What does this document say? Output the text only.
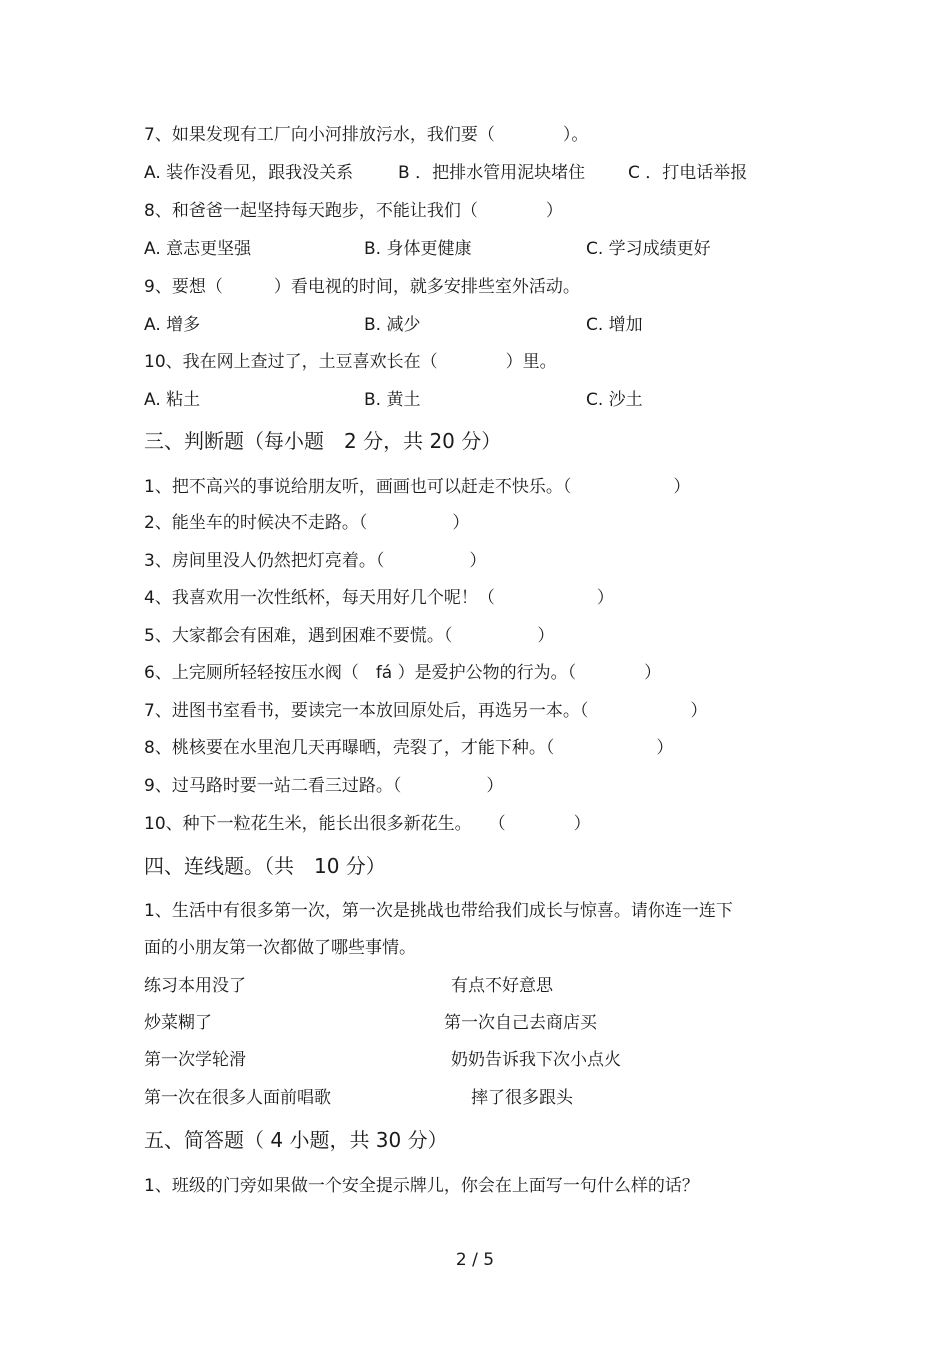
7、如果发现有工厂向小河排放污水，我们要（　　　　）。
A. 装作没看见，跟我没关系	B ．把排水管用泥块堵住	C ．打电话举报
8、和爸爸一起坚持每天跑步，不能让我们（　　　　）
A. 意志更坚强	B. 身体更健康	C. 学习成绩更好
9、要想（　　　）看电视的时间，就多安排些室外活动。
A. 增多	B. 减少	C. 增加
10、我在网上查过了，土豆喜欢长在（　　　　）里。
A. 粘土	B. 黄土	C. 沙土
三、判断题（每小题　2 分，共 20 分）
1、把不高兴的事说给朋友听，画画也可以赶走不快乐。（　　　　　　）
2、能坐车的时候决不走路。（　　　　　）
3、房间里没人仍然把灯亮着。（　　　　　）
4、我喜欢用一次性纸杯，每天用好几个呢！（　　　　　　）
5、大家都会有困难，遇到困难不要慌。（　　　　　）
6、上完厕所轻轻按压水阀（　fá ）是爱护公物的行为。（　　　　）
7、进图书室看书，要读完一本放回原处后，再选另一本。（　　　　　　）
8、桃核要在水里泡几天再曝晒，壳裂了，才能下种。（　　　　　　）
9、过马路时要一站二看三过路。（　　　　　）
10、种下一粒花生米，能长出很多新花生。　　（　　　　）
四、连线题。（共　10 分）
1、生活中有很多第一次，第一次是挑战也带给我们成长与惊喜。请你连一连下
面的小朋友第一次都做了哪些事情。
练习本用没了	有点不好意思
炒菜糊了	第一次自己去商店买
第一次学轮滑	奶奶告诉我下次小点火
第一次在很多人面前唱歌	摔了很多跟头
五、简答题（ 4 小题，共 30 分）
1、班级的门旁如果做一个安全提示牌儿，你会在上面写一句什么样的话？
2 / 5
